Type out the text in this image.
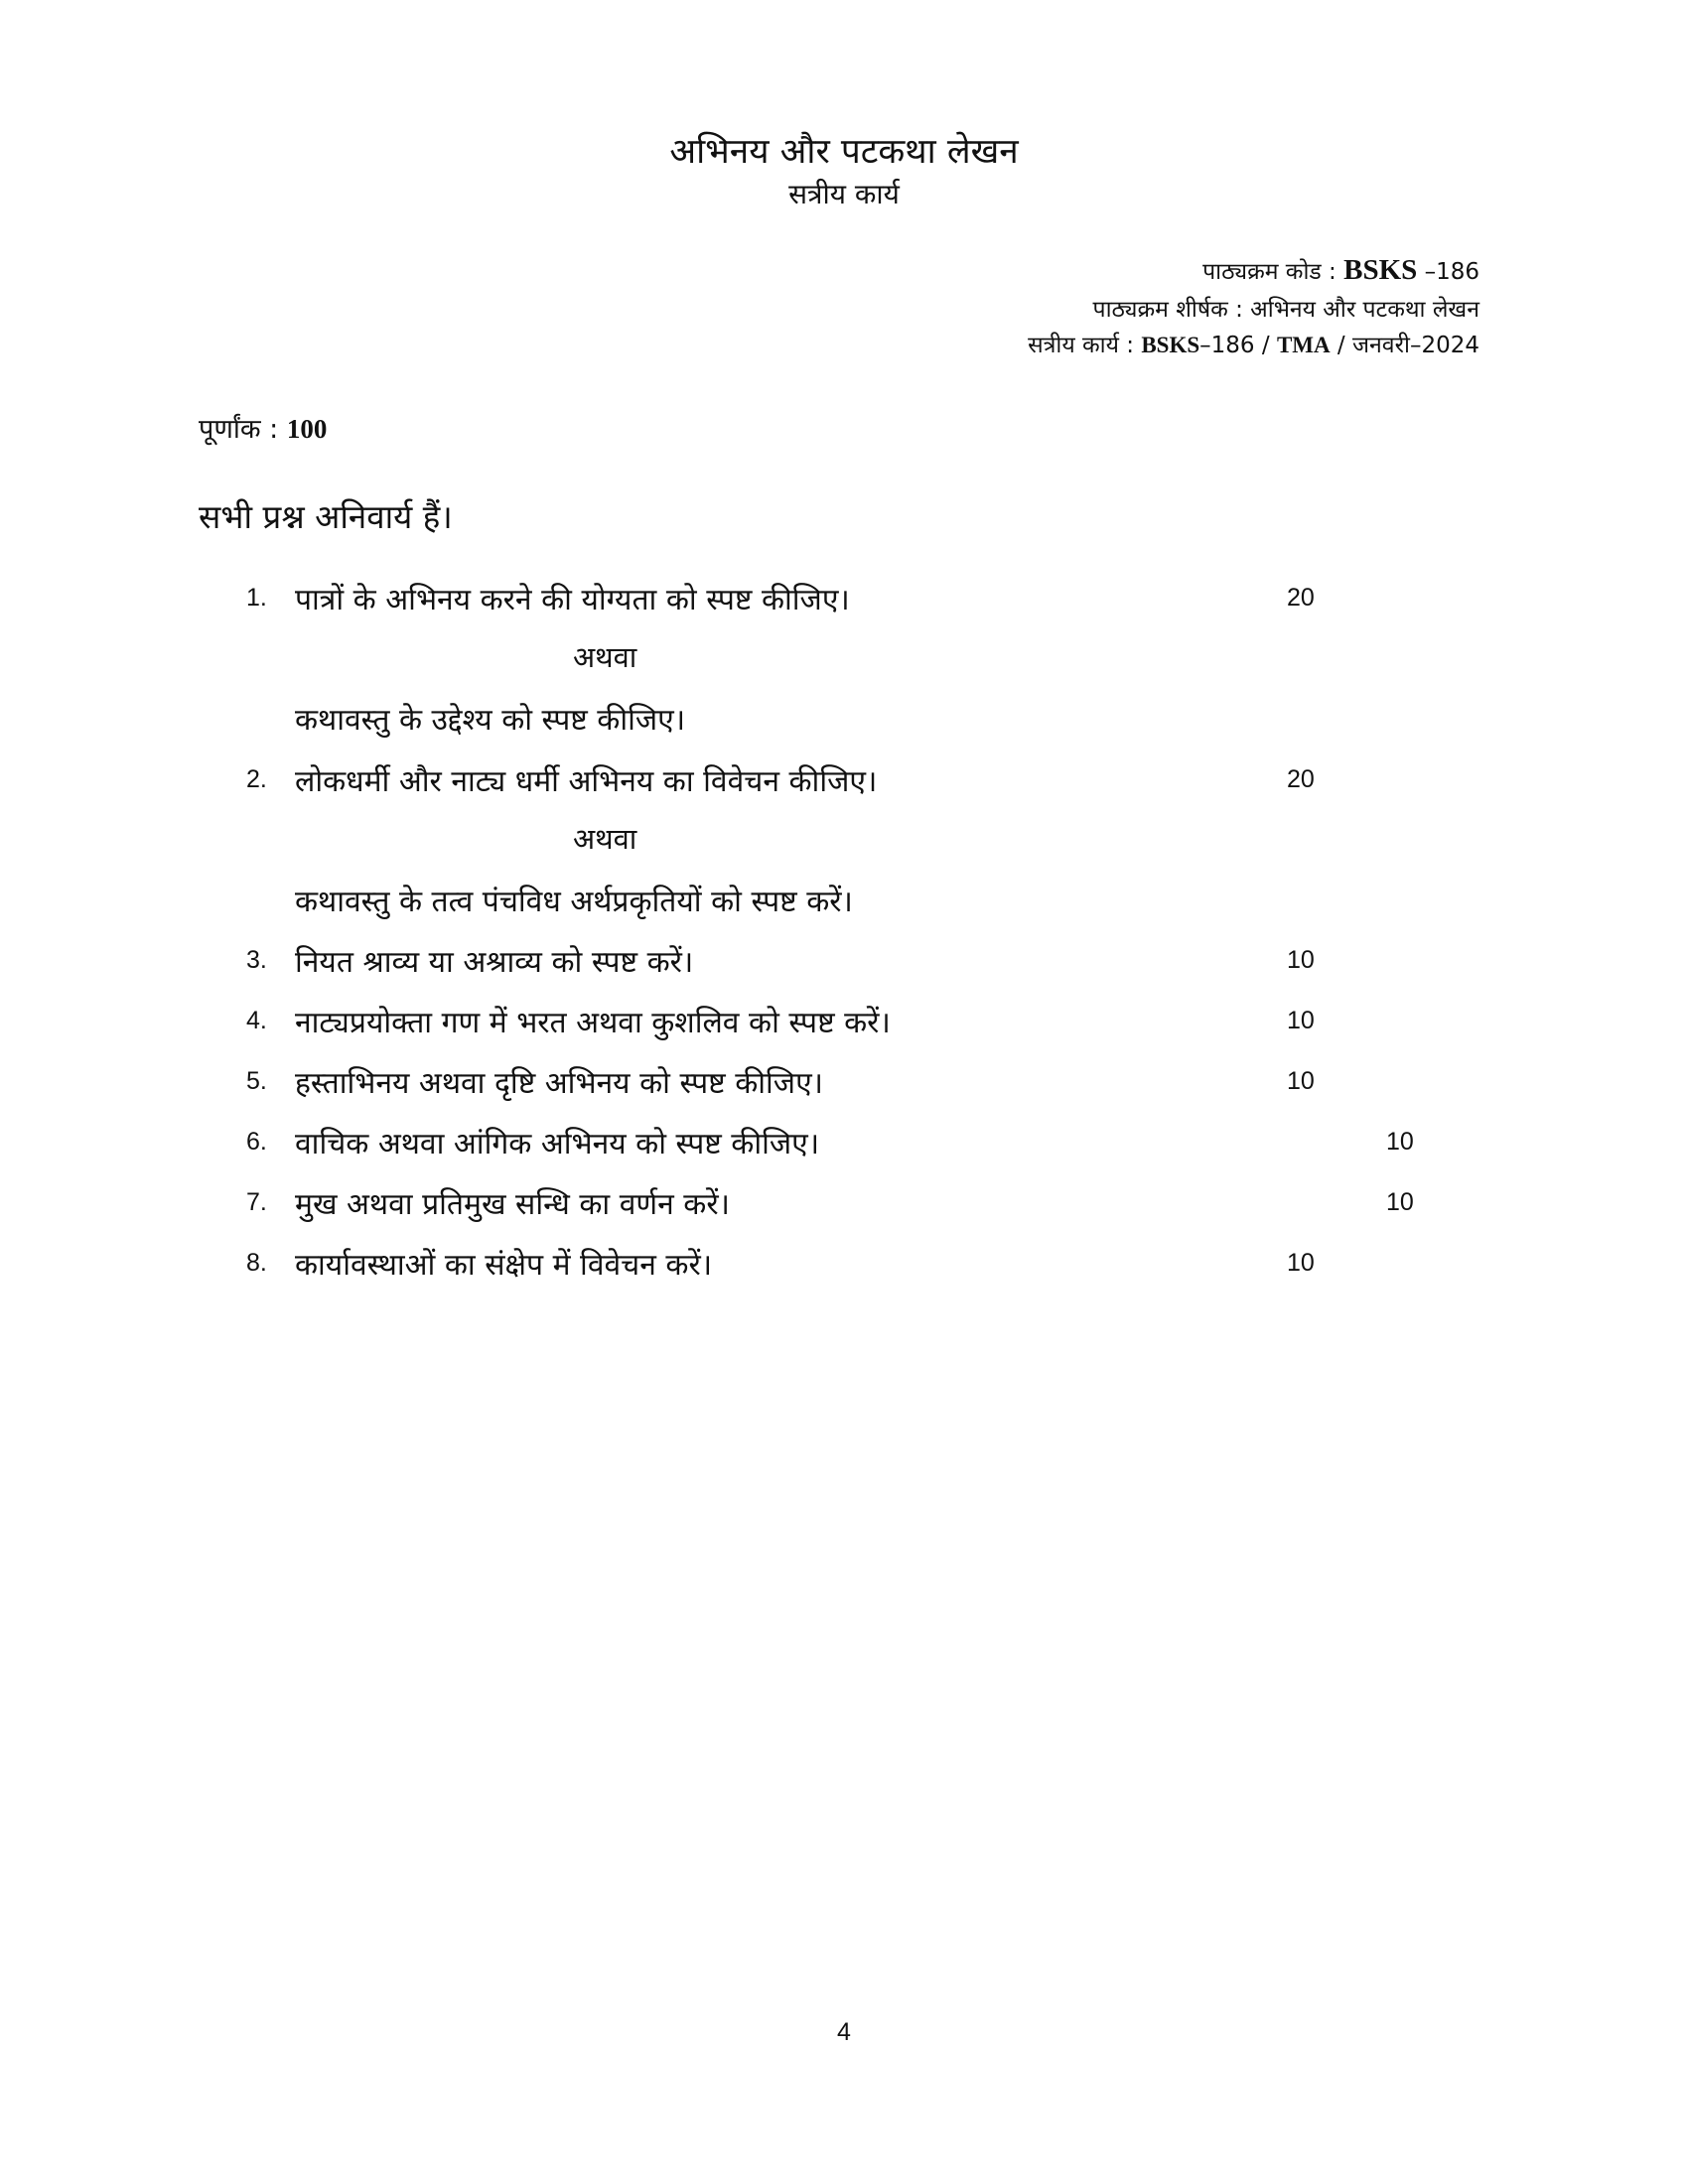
अभिनय और पटकथा लेखन
सत्रीय कार्य
पाठ्यक्रम कोड : BSKS –186
पाठ्यक्रम शीर्षक : अभिनय और पटकथा लेखन
सत्रीय कार्य : BSKS–186 / TMA / जनवरी–2024
पूर्णांक : 100
सभी प्रश्न अनिवार्य हैं।
1. पात्रों के अभिनय करने की योग्यता को स्पष्ट कीजिए।	20
अथवा
कथावस्तु के उद्देश्य को स्पष्ट कीजिए।
2. लोकधर्मी और नाट्य धर्मी अभिनय का विवेचन कीजिए।	20
अथवा
कथावस्तु के तत्व पंचविध अर्थप्रकृतियों को स्पष्ट करें।
3. नियत श्राव्य या अश्राव्य को स्पष्ट करें।	10
4. नाट्यप्रयोक्ता गण में भरत अथवा कुशलिव को स्पष्ट करें।	10
5. हस्ताभिनय अथवा दृष्टि अभिनय को स्पष्ट कीजिए।	10
6. वाचिक अथवा आंगिक अभिनय को स्पष्ट कीजिए।	10
7. मुख अथवा प्रतिमुख सन्धि का वर्णन करें।	10
8. कार्यावस्थाओं का संक्षेप में विवेचन करें।	10
4
